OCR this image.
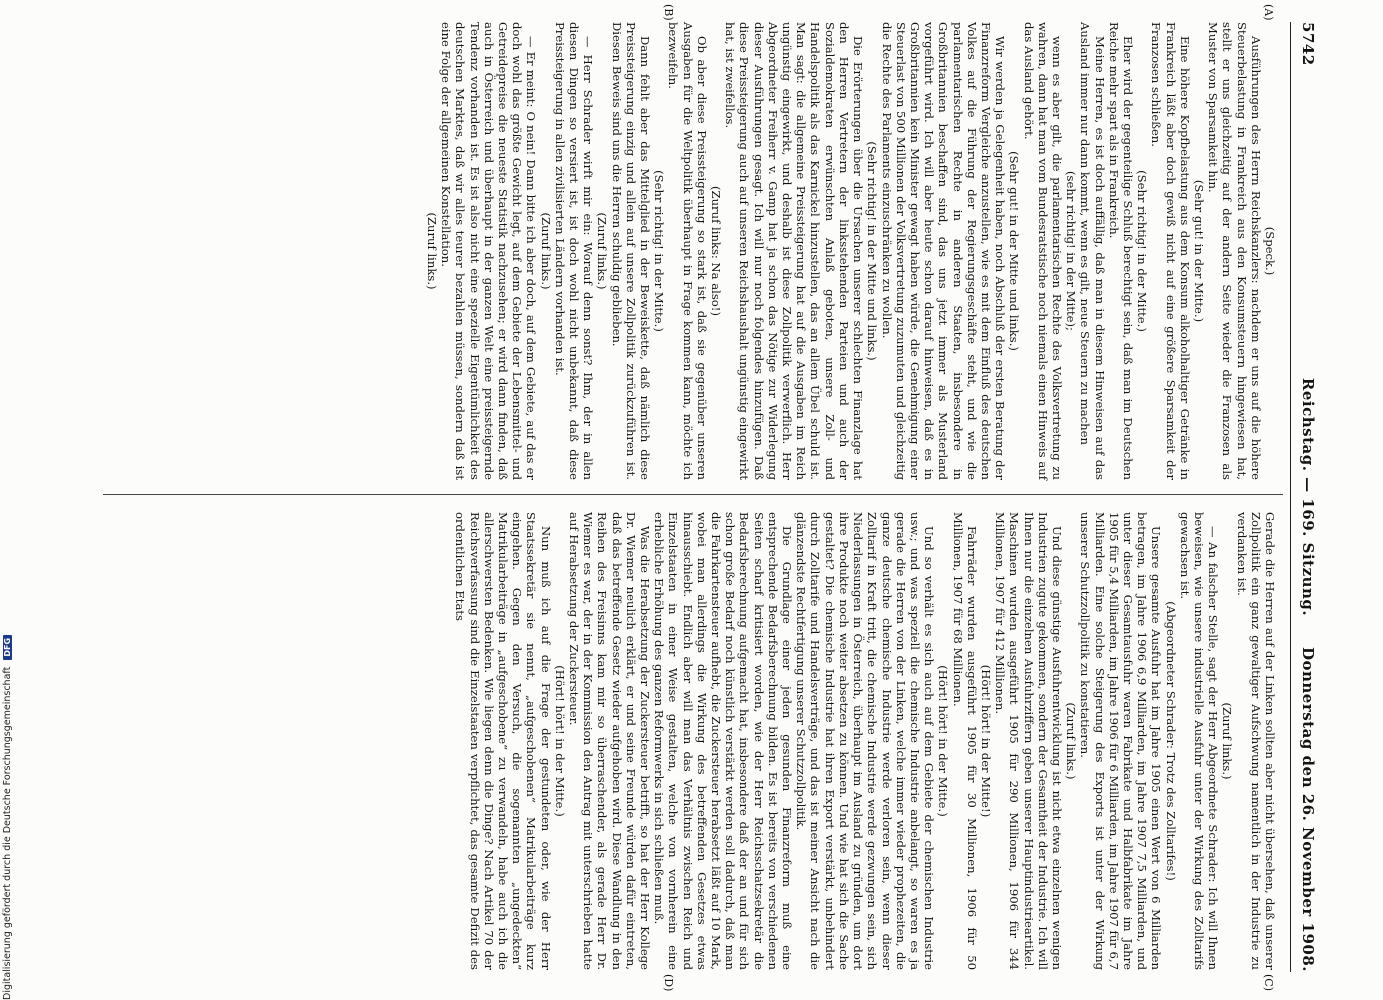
5742
Reichstag. — 169. Sitzung.
Donnerstag den 26. November 1908.
(A)
(B)
(C)
(D)

(Speck.)

Ausführungen des Herrn Reichskanzlers: nachdem er uns auf die höhere Steuerbelastung in Frankreich aus den Konsumsteuern hingewiesen hat, stellt er uns gleichzeitig auf der andern Seite wieder die Franzosen als Muster von Sparsamkeit hin.

(Sehr gut! in der Mitte.)

Eine höhere Kopfbelastung aus dem Konsum alkoholhaltiger Getränke in Frankreich läßt aber doch gewiß nicht auf eine größere Sparsamkeit der Franzosen schließen.

(Sehr richtig! in der Mitte.)

Eher wird der gegenteilige Schluß berechtigt sein, daß man im Deutschen Reiche mehr spart als in Frankreich.

Meine Herren, es ist doch auffällig, daß man in diesem Hinweisen auf das Ausland immer nur dann kommt, wenn es gilt, neue Steuern zu machen

(sehr richtig! in der Mitte);

wenn es aber gilt, die parlamentarischen Rechte des Volksvertretung zu wahren, dann hat man vom Bundesratstische noch niemals einen Hinweis auf das Ausland gehört.

(Sehr gut! in der Mitte und links.)

Wir werden ja Gelegenheit haben, noch Abschluß der ersten Beratung der Finanzreform Vergleiche anzustellen, wie es mit dem Einfluß des deutschen Volkes auf die Führung der Regierungsgeschäfte steht, und wie die parlamentarischen Rechte in anderen Staaten, insbesondere in Großbritannien beschaffen sind, das uns jetzt immer als Musterland vorgeführt wird. Ich will aber heute schon darauf hinweisen, daß es in Großbritannien kein Minister gewagt haben würde, die Genehmigung einer Steuerlast von 500 Millionen der Volksvertretung zuzumuten und gleichzeitig die Rechte des Parlaments einzuschränken zu wollen.

(Sehr richtig! in der Mitte und links.)

Die Erörterungen über die Ursachen unserer schlechten Finanzlage hat den Herren Vertretern der linksstehenden Parteien und auch der Sozialdemokraten erwünschten Anlaß geboten, unsere Zoll- und Handelspolitik als das Karnickel hinzustellen, das an allem Übel schuld ist. Man sagt: die allgemeine Preissteigerung hat auf die Ausgaben im Reich ungünstig eingewirkt, und deshalb ist diese Zollpolitik verwerflich. Herr Abgeordneter Freiherr v. Gamp hat ja schon das Nötige zur Widerlegung dieser Ausführungen gesagt. Ich will nur noch folgendes hinzufügen. Daß diese Preissteigerung auch auf unseren Reichshaushalt ungünstig eingewirkt hat, ist zweifellos.

(Zuruf links: Na also!)

Ob aber diese Preissteigerung so stark ist, daß sie gegenüber unseren Ausgaben für die Weltpolitik überhaupt in Frage kommen kann, möchte ich bezweifeln.

(Sehr richtig! in der Mitte.)

Dann fehlt aber das Mittelglied in der Beweiskette, daß nämlich diese Preissteigerung einzig und allein auf unsere Zollpolitik zurückzuführen ist. Diesen Beweis sind uns die Herren schuldig geblieben.

(Zuruf links.)

— Herr Schrader wirft mir ein: Worauf denn sonst? Ihm, der in allen diesen Dingen so versiert ist, ist doch wohl nicht unbekannt, daß diese Preissteigerung in allen zivilisierten Ländern vorhanden ist.

(Zuruf links.)

— Er meint: O nein! Dann bitte ich aber doch, auf dem Gebiete, auf das er doch wohl das größte Gewicht legt, auf dem Gebiete der Lebensmittel- und Getreidepreise die neueste Statistik nachzusehen; er wird dann finden, daß auch in Österreich und überhaupt in der ganzen Welt eine preissteigernde Tendenz vorhanden ist. Es ist also nicht eine spezielle Eigentümlichkeit des deutschen Marktes, daß wir alles teurer bezahlen müssen, sondern daß ist eine Folge der allgemeinen Konstellation.

(Zuruf links.)

Gerade die Herren auf der Linken sollten aber nicht übersehen, daß unserer Zollpolitik ein ganz gewaltiger Aufschwung namentlich in der Industrie zu verdanken ist.

(Zuruf links.)

— An falscher Stelle, sagt der Herr Abgeordnete Schrader: Ich will Ihnen beweisen, wie unsere industrielle Ausfuhr unter der Wirkung des Zolltarifs gewachsen ist.

(Abgeordneter Schrader: Trotz des Zolltarifes!)

Unsere gesamte Ausfuhr hat im Jahre 1905 einen Wert von 6 Milliarden betragen, im Jahre 1906 6,9 Milliarden, im Jahre 1907 7,5 Milliarden, und unter dieser Gesamtausfuhr waren Fabrikate und Halbfabrikate im Jahre 1905 für 5,4 Milliarden, im Jahre 1906 für 6 Milliarden, im Jahre 1907 für 6,7 Milliarden. Eine solche Steigerung des Exports ist unter der Wirkung unserer Schutzzollpolitik zu konstatieren.

(Zuruf links.)

Und diese günstige Ausfuhrentwicklung ist nicht etwa einzelnen wenigen Industrien zugute gekommen, sondern der Gesamtheit der Industrie. Ich will Ihnen nur die einzelnen Ausfuhrziffern geben unserer Hauptindustrieartikel. Maschinen wurden ausgeführt 1905 für 290 Millionen, 1906 für 344 Millionen, 1907 für 412 Millionen.

(Hört! hört! in der Mitte!)

Fahrräder wurden ausgeführt 1905 für 30 Millionen, 1906 für 50 Millionen, 1907 für 68 Millionen.

(Hört! hört! in der Mitte.)

Und so verhält es sich auch auf dem Gebiete der chemischen Industrie usw.; und was speziell die chemische Industrie anbelangt, so waren es ja gerade die Herren von der Linken, welche immer wieder prophezeiten, die ganze deutsche chemische Industrie werde verloren sein, wenn dieser Zolltarif in Kraft tritt, die chemische Industrie werde gezwungen sein, sich Niederlassungen in Österreich, überhaupt im Ausland zu gründen, um dort ihre Produkte noch weiter absetzen zu können. Und wie hat sich die Sache gestaltet? Die chemische Industrie hat ihren Export verstärkt, unbehindert durch Zolltarife und Handelsverträge, und das ist meiner Ansicht nach die glänzendste Rechtfertigung unserer Schutzzollpolitik.

Die Grundlage einer jeden gesunden Finanzreform muß eine entsprechende Bedarfsberechnung bilden. Es ist bereits von verschiedenen Seiten scharf kritisiert worden, wie der Herr Reichsschatzsekretär die Bedarfsberechnung aufgemacht hat, insbesondere daß der an und für sich schon große Bedarf noch künstlich verstärkt werden soll dadurch, daß man die Fahrkartensteuer aufhebt, die Zuckersteuer herabsetzt läßt auf 10 Mark, wobei man allerdings die Wirkung des betreffenden Gesetzes etwas hinausschiebt. Endlich aber will man das Verhältnis zwischen Reich und Einzelstaaten in einer Weise gestalten, welche von vornherein eine erhebliche Erhöhung des ganzen Reformwerks in sich schließen muß.

Was die Herabsetzung der Zuckersteuer betrifft, so hat der Herr Kollege Dr. Wiemer neulich erklärt, er und seine Freunde würden dafür eintreten, daß das betreffende Gesetz wieder aufgehoben wird. Diese Wandlung in den Reihen des Freisinns kam mir so überraschender, als gerade Herr Dr. Wiemer es war, der in der Kommission den Antrag mit unterschrieben hatte auf Herabsetzung der Zuckersteuer.

(Hört! hört! in der Mitte.)

Nun muß ich auf die Frage der gestundeten oder, wie der Herr Staatssekretär sie nennt, „aufgeschobenen“ Matrikularbeiträge kurz eingehen. Gegen den Versuch, die sogenannten „ungedeckten“ Matrikularbeiträge in „aufgeschobene“ zu verwandeln, habe auch ich die allerschwersten Bedenken. Wie liegen denn die Dinge? Nach Artikel 70 der Reichsverfassung sind die Einzelstaaten verpflichtet, das gesamte Defizit des ordentlichen Etats

Digitalisierung gefördert durch die Deutsche Forschungsgemeinschaft DFG
